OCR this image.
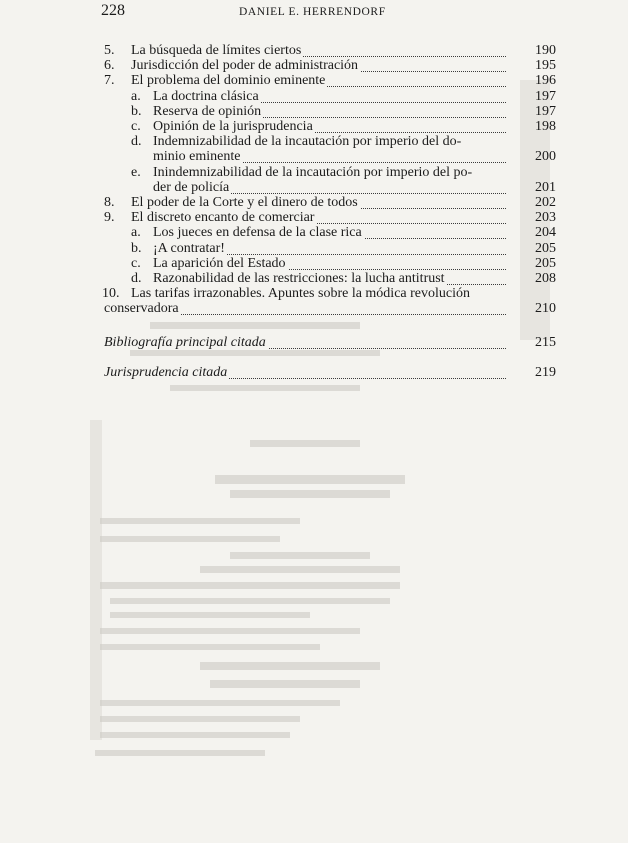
228	DANIEL E. HERRENDORF
5. La búsqueda de límites ciertos	190
6. Jurisdicción del poder de administración	195
7. El problema del dominio eminente	196
a. La doctrina clásica	197
b. Reserva de opinión	197
c. Opinión de la jurisprudencia	198
d. Indemnizabilidad de la incautación por imperio del do-
minio eminente	200
e. Inindemnizabilidad de la incautación por imperio del po-
der de policía	201
8. El poder de la Corte y el dinero de todos	202
9. El discreto encanto de comerciar	203
a. Los jueces en defensa de la clase rica	204
b. ¡A contratar!	205
c. La aparición del Estado	205
d. Razonabilidad de las restricciones: la lucha antitrust	208
10. Las tarifas irrazonables. Apuntes sobre la módica revolución
conservadora	210
Bibliografía principal citada	215
Jurisprudencia citada	219
